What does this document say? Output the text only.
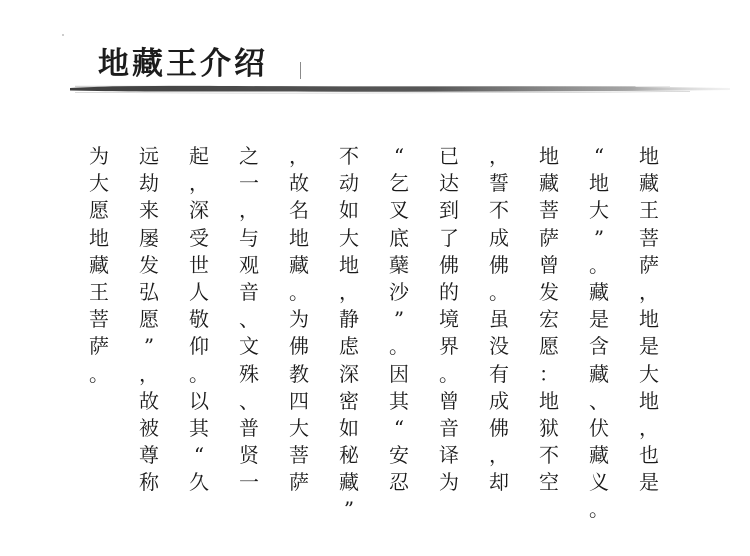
地藏王介绍
地
藏
王
菩
萨
，
地
是
大
地
，
也
是
“
地
大
”
。
藏
是
含
藏
、
伏
藏
义
。
地
藏
菩
萨
曾
发
宏
愿
：
地
狱
不
空
，
誓
不
成
佛
。
虽
没
有
成
佛
，
却
已
达
到
了
佛
的
境
界
。
曾
音
译
为
“
乞
叉
底
蘖
沙
”
。
因
其
“
安
忍
不
动
如
大
地
，
静
虑
深
密
如
秘
藏
”
，
故
名
地
藏
。
为
佛
教
四
大
菩
萨
之
一
，
与
观
音
、
文
殊
、
普
贤
一
起
，
深
受
世
人
敬
仰
。
以
其
“
久
远
劫
来
屡
发
弘
愿
”
，
故
被
尊
称
为
大
愿
地
藏
王
菩
萨
。
